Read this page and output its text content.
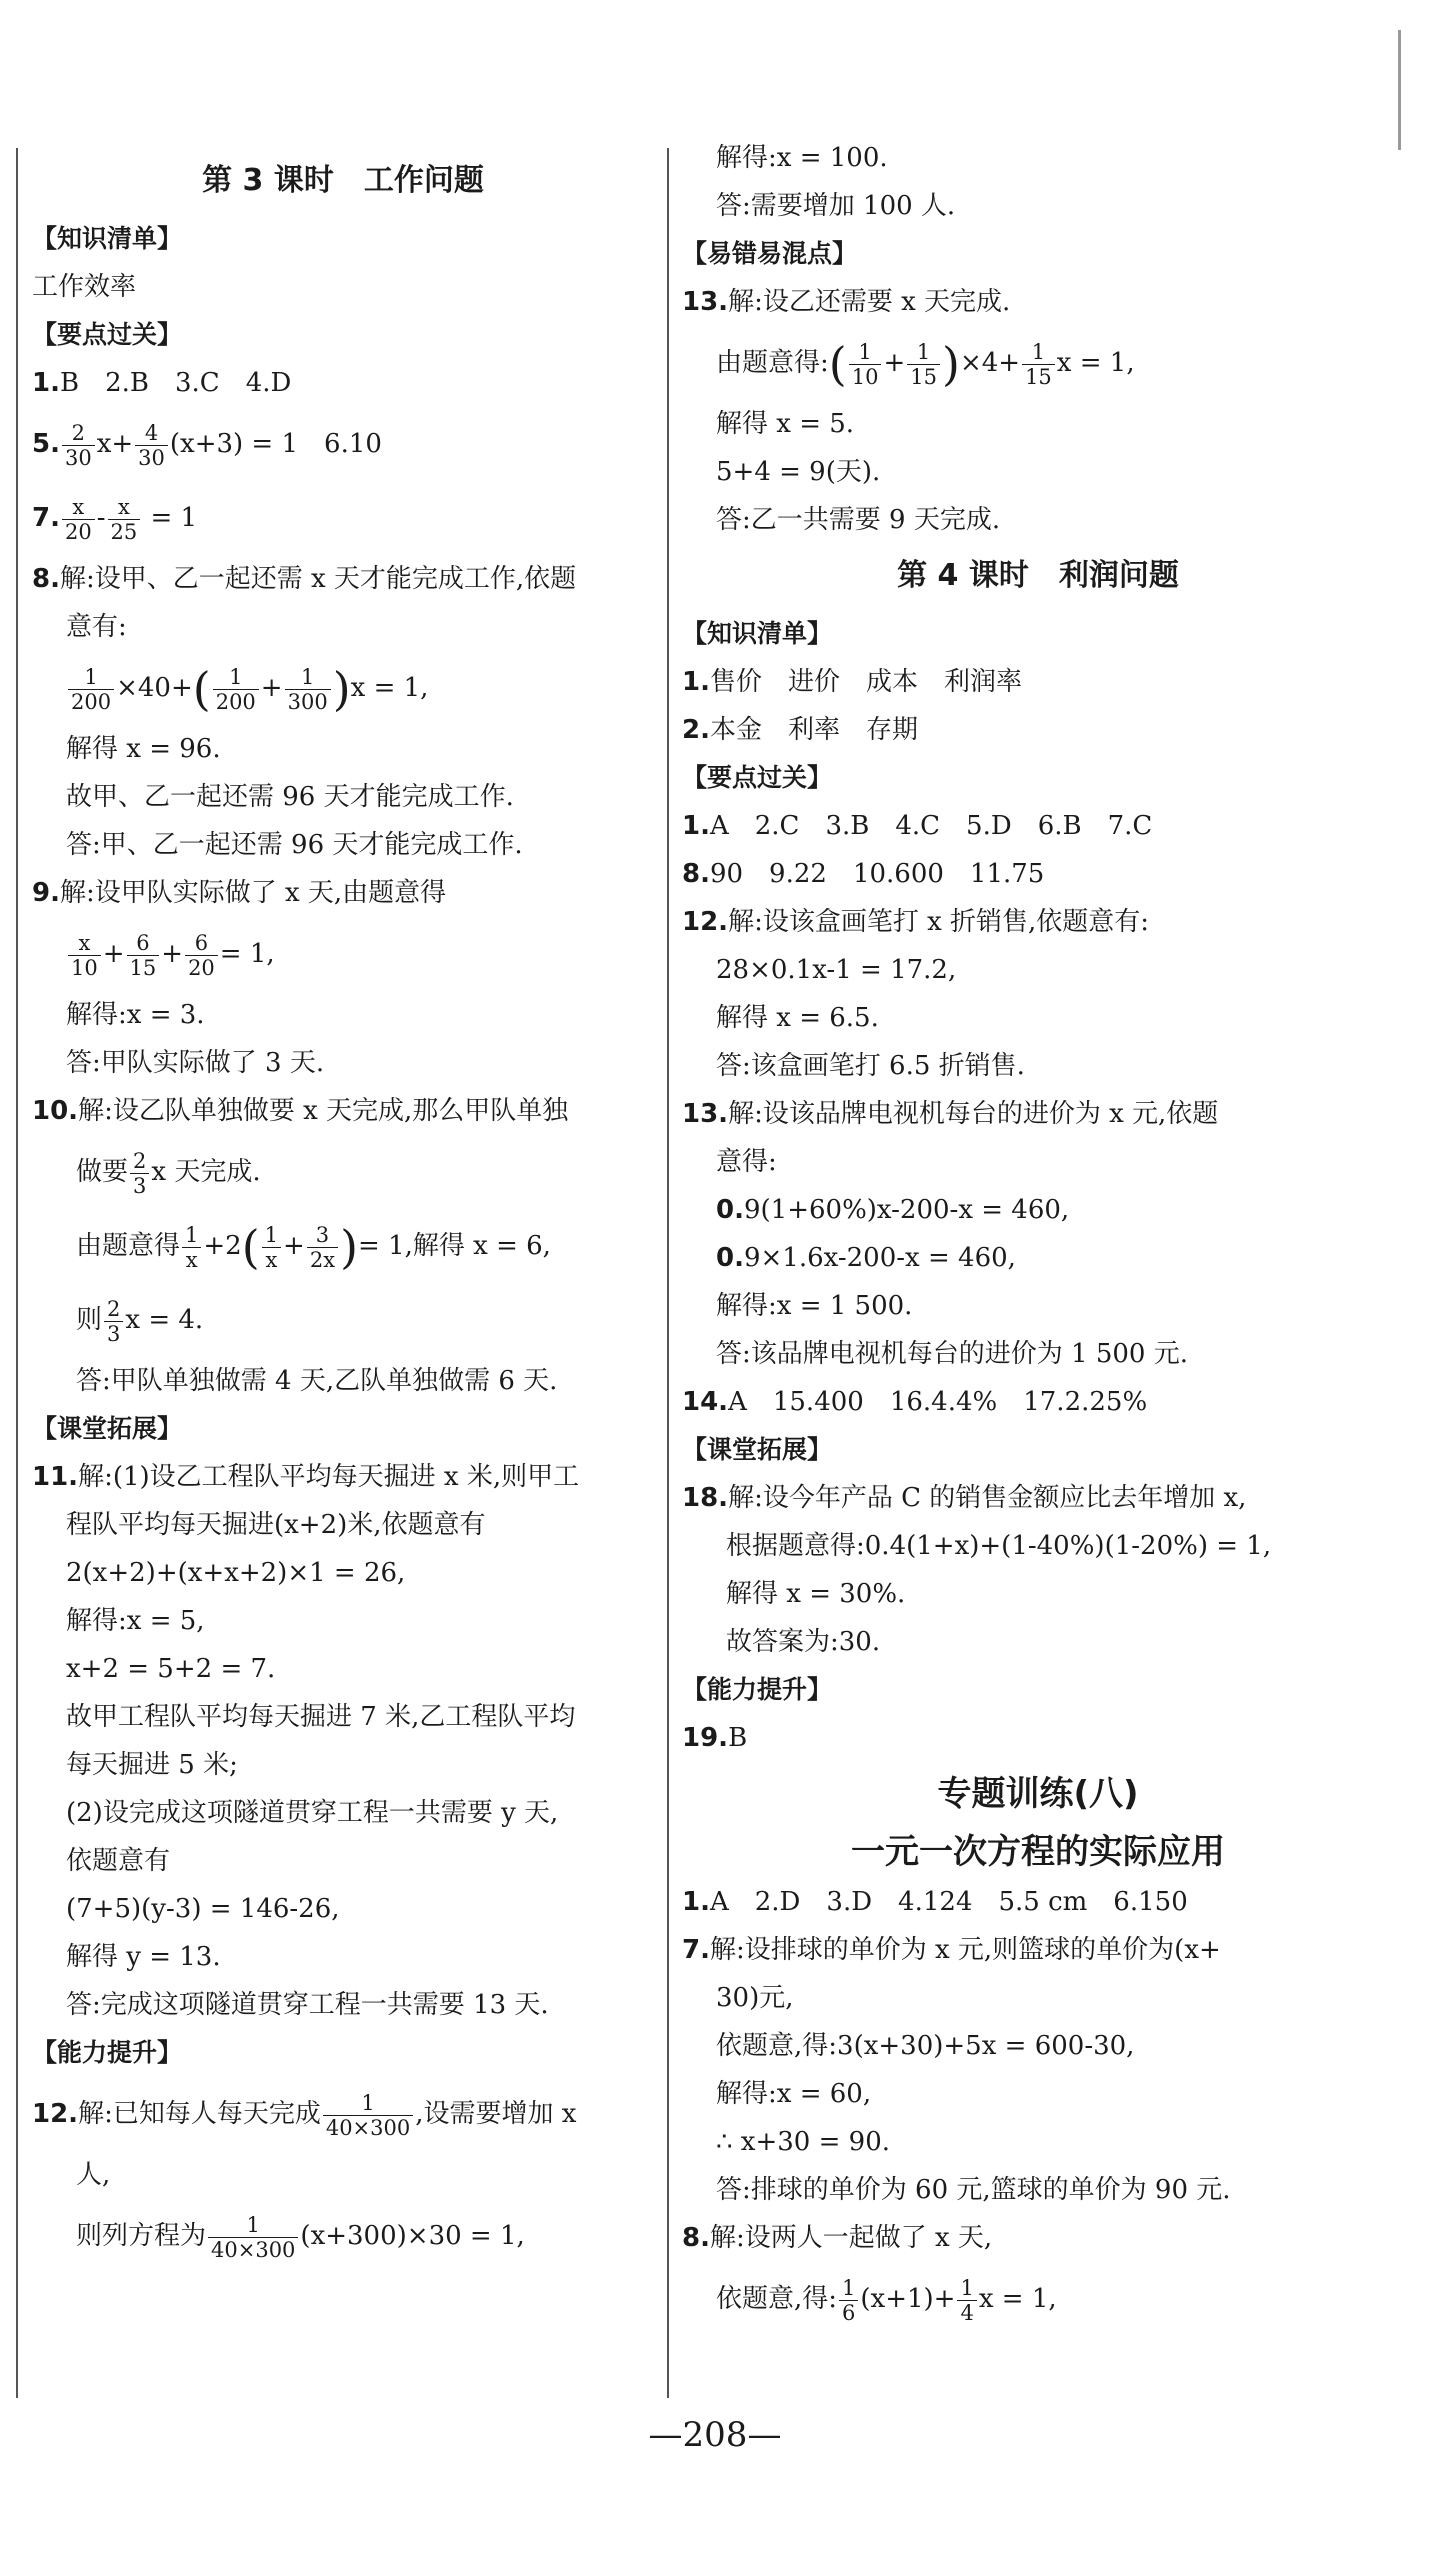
第 3 课时　工作问题
【知识清单】
工作效率
【要点过关】
1.B　2.B　3.C　4.D
5. $\frac{2}{30} x+ \frac{4}{30} (x+3) = 1$　6.10
7. $\frac{x}{20} - \frac{x}{25} = 1$
8.解:设甲、乙一起还需 x 天才能完成工作,依题
意有:
$\frac{1}{200} \times 40+( \frac{1}{200} + \frac{1}{300} )x = 1$,
解得 x = 96.
故甲、乙一起还需 96 天才能完成工作.
答:甲、乙一起还需 96 天才能完成工作.
9.解:设甲队实际做了 x 天,由题意得
$\frac{x}{10} + \frac{6}{15} + \frac{6}{20} = 1$,
解得:x = 3.
答:甲队实际做了 3 天.
10.解:设乙队单独做要 x 天完成,那么甲队单独
做要 $\frac{2}{3}$ x 天完成.
由题意得 $\frac{1}{x} +2( \frac{1}{x} + \frac{3}{2x}$ )= 1,解得 x = 6,
则 $\frac{2}{3}$ x = 4.
答:甲队单独做需 4 天,乙队单独做需 6 天.
【课堂拓展】
11.解:(1)设乙工程队平均每天掘进 x 米,则甲工
程队平均每天掘进(x+2)米,依题意有
2(x+2)+(x+x+2)×1 = 26,
解得:x = 5,
x+2 = 5+2 = 7.
故甲工程队平均每天掘进 7 米,乙工程队平均
每天掘进 5 米;
(2)设完成这项隧道贯穿工程一共需要 y 天,
依题意有
(7+5)(y-3) = 146-26,
解得 y = 13.
答:完成这项隧道贯穿工程一共需要 13 天.
【能力提升】
12.解:已知每人每天完成 $\frac{1}{40\times 300}$ ,设需要增加 x
人,
则列方程为 $\frac{1}{40\times 300} (x+300)\times 30 = 1$,
解得:x = 100.
答:需要增加 100 人.
【易错易混点】
13.解:设乙还需要 x 天完成.
由题意得:( $\frac{1}{10} + \frac{1}{15} )\times 4+ \frac{1}{15}$ x = 1,
解得 x = 5.
5+4 = 9(天).
答:乙一共需要 9 天完成.
第 4 课时　利润问题
【知识清单】
1.售价　进价　成本　利润率
2.本金　利率　存期
【要点过关】
1.A　2.C　3.B　4.C　5.D　6.B　7.C
8.90　9.22　10.600　11.75
12.解:设该盒画笔打 x 折销售,依题意有:
28×0.1x-1 = 17.2,
解得 x = 6.5.
答:该盒画笔打 6.5 折销售.
13.解:设该品牌电视机每台的进价为 x 元,依题
意得:
0.9(1+60%)x-200-x = 460,
0.9×1.6x-200-x = 460,
解得:x = 1 500.
答:该品牌电视机每台的进价为 1 500 元.
14.A　15.400　16.4.4%　17.2.25%
【课堂拓展】
18.解:设今年产品 C 的销售金额应比去年增加 x,
根据题意得:0.4(1+x)+(1-40%)(1-20%) = 1,
解得 x = 30%.
故答案为:30.
【能力提升】
19.B
专题训练(八)
一元一次方程的实际应用
1.A　2.D　3.D　4.124　5.5 cm　6.150
7.解:设排球的单价为 x 元,则篮球的单价为(x+
30)元,
依题意,得:3(x+30)+5x = 600-30,
解得:x = 60,
∴ x+30 = 90.
答:排球的单价为 60 元,篮球的单价为 90 元.
8.解:设两人一起做了 x 天,
依题意,得: $\frac{1}{6} (x+1)+ \frac{1}{4}$ x = 1,
—208—
